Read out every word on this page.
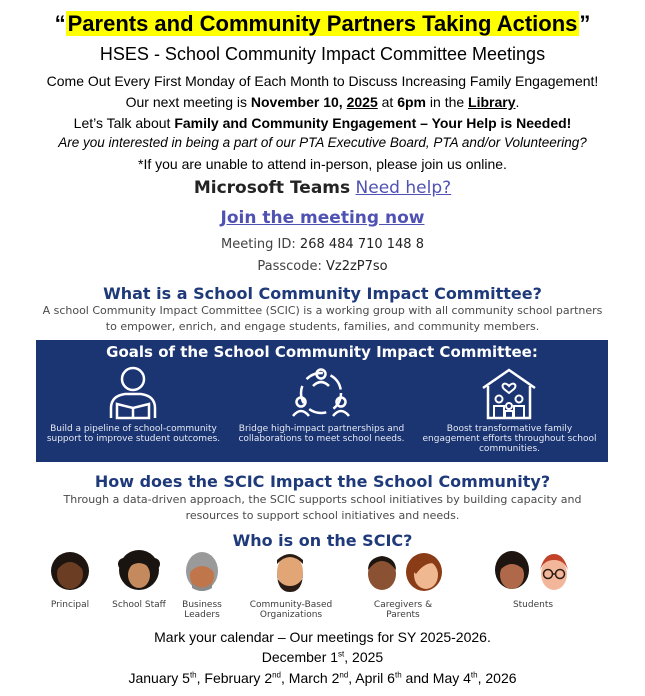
“Parents and Community Partners Taking Actions”
HSES - School Community Impact Committee Meetings
Come Out Every First Monday of Each Month to Discuss Increasing Family Engagement!
Our next meeting is November 10, 2025 at 6pm in the Library.
Let’s Talk about Family and Community Engagement – Your Help is Needed!
Are you interested in being a part of our PTA Executive Board, PTA and/or Volunteering?
*If you are unable to attend in-person, please join us online.
Microsoft Teams Need help?
Join the meeting now
Meeting ID: 268 484 710 148 8
Passcode: Vz2zP7so
What is a School Community Impact Committee?
A school Community Impact Committee (SCIC) is a working group with all community school partners to empower, enrich, and engage students, families, and community members.
Goals of the School Community Impact Committee:
Build a pipeline of school-community support to improve student outcomes.
Bridge high-impact partnerships and collaborations to meet school needs.
Boost transformative family engagement efforts throughout school communities.
How does the SCIC Impact the School Community?
Through a data-driven approach, the SCIC supports school initiatives by building capacity and resources to support school initiatives and needs.
Who is on the SCIC?
Principal	School Staff	Business Leaders
Community-Based Organizations
Caregivers & Parents
Students
Mark your calendar – Our meetings for SY 2025-2026.
December 1st, 2025
January 5th, February 2nd, March 2nd, April 6th and May 4th, 2026
